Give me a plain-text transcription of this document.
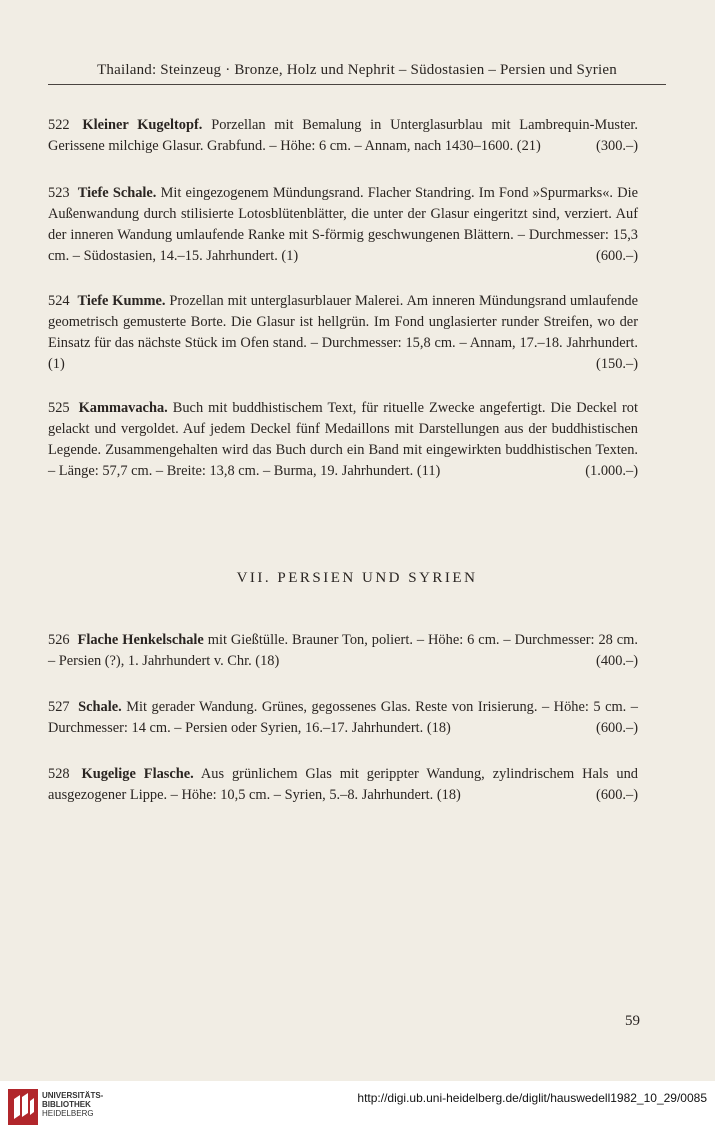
Thailand: Steinzeug · Bronze, Holz und Nephrit – Südostasien – Persien und Syrien
522 Kleiner Kugeltopf. Porzellan mit Bemalung in Unterglasurblau mit Lambrequin-Muster. Gerissene milchige Glasur. Grabfund. – Höhe: 6 cm. – Annam, nach 1430–1600. (21)	(300.–)
523 Tiefe Schale. Mit eingezogenem Mündungsrand. Flacher Standring. Im Fond »Spurmarks«. Die Außenwandung durch stilisierte Lotosblütenblätter, die unter der Glasur eingeritzt sind, verziert. Auf der inneren Wandung umlaufende Ranke mit S-förmig geschwungenen Blättern. – Durchmesser: 15,3 cm. – Südostasien, 14.–15. Jahrhundert. (1)	(600.–)
524 Tiefe Kumme. Prozellan mit unterglasurblauer Malerei. Am inneren Mündungsrand umlaufende geometrisch gemusterte Borte. Die Glasur ist hellgrün. Im Fond unglasierter runder Streifen, wo der Einsatz für das nächste Stück im Ofen stand. – Durchmesser: 15,8 cm. – Annam, 17.–18. Jahrhundert. (1)	(150.–)
525 Kammavacha. Buch mit buddhistischem Text, für rituelle Zwecke angefertigt. Die Deckel rot gelackt und vergoldet. Auf jedem Deckel fünf Medaillons mit Darstellungen aus der buddhistischen Legende. Zusammengehalten wird das Buch durch ein Band mit eingewirkten buddhistischen Texten. – Länge: 57,7 cm. – Breite: 13,8 cm. – Burma, 19. Jahrhundert. (11)	(1.000.–)
VII. PERSIEN UND SYRIEN
526 Flache Henkelschale mit Gießtülle. Brauner Ton, poliert. – Höhe: 6 cm. – Durchmesser: 28 cm. – Persien (?), 1. Jahrhundert v. Chr. (18)	(400.–)
527 Schale. Mit gerader Wandung. Grünes, gegossenes Glas. Reste von Irisierung. – Höhe: 5 cm. – Durchmesser: 14 cm. – Persien oder Syrien, 16.–17. Jahrhundert. (18)	(600.–)
528 Kugelige Flasche. Aus grünlichem Glas mit gerippter Wandung, zylindrischem Hals und ausgezogener Lippe. – Höhe: 10,5 cm. – Syrien, 5.–8. Jahrhundert. (18)	(600.–)
59
UNIVERSITÄTS-
BIBLIOTHEK
HEIDELBERG
http://digi.ub.uni-heidelberg.de/diglit/hauswedell1982_10_29/0085
